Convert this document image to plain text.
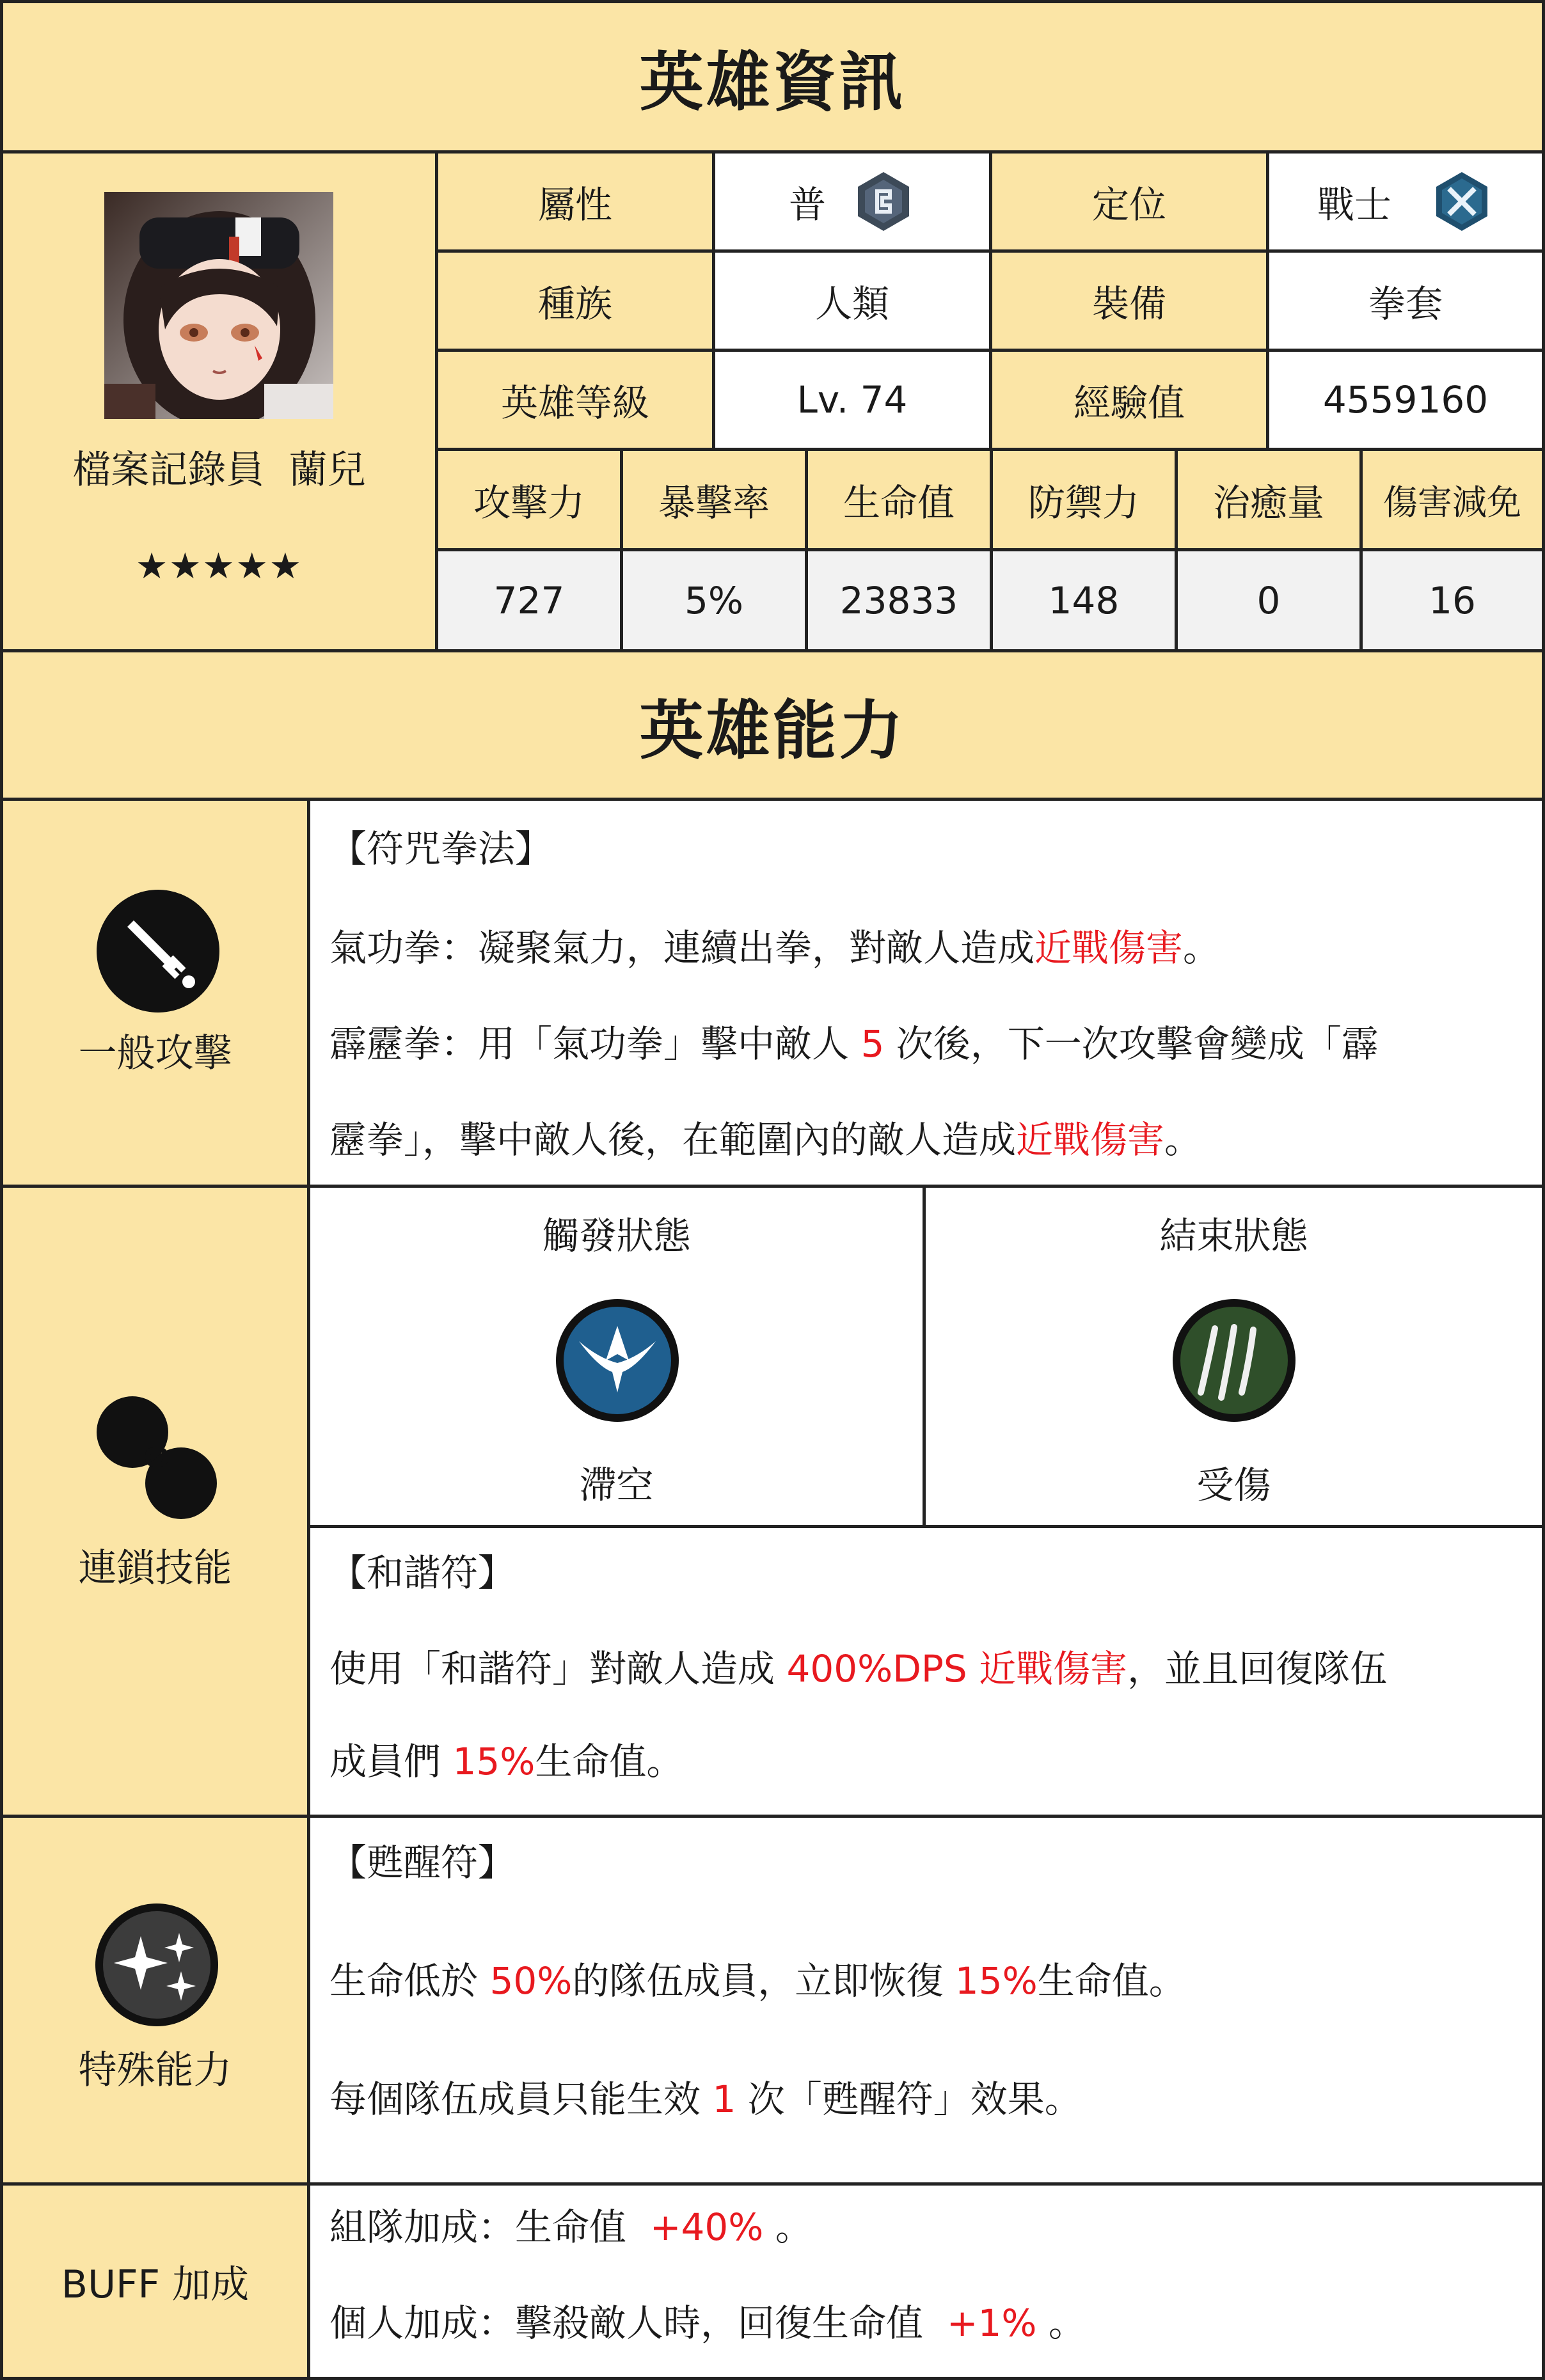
英雄資訊
檔案記錄員  蘭兒
★★★★★
屬性	普	定位	戰士
種族	人類	裝備	拳套
英雄等級	Lv. 74	經驗值	4559160
攻擊力	暴擊率	生命值	防禦力	治癒量	傷害減免
727	5%	23833	148	0	16
英雄能力
一般攻擊
【符咒拳法】
氣功拳：凝聚氣力，連續出拳，對敵人造成近戰傷害。
霹靂拳：用「氣功拳」擊中敵人 5 次後，下一次攻擊會變成「霹
靂拳」，擊中敵人後，在範圍內的敵人造成近戰傷害。
連鎖技能
觸發狀態
滯空
結束狀態
受傷
【和諧符】
使用「和諧符」對敵人造成 400%DPS 近戰傷害，並且回復隊伍
成員們 15%生命值。
特殊能力
【甦醒符】
生命低於 50%的隊伍成員，立即恢復 15%生命值。
每個隊伍成員只能生效 1 次「甦醒符」效果。
BUFF 加成
組隊加成：生命值  +40% 。
個人加成：擊殺敵人時，回復生命值  +1% 。
